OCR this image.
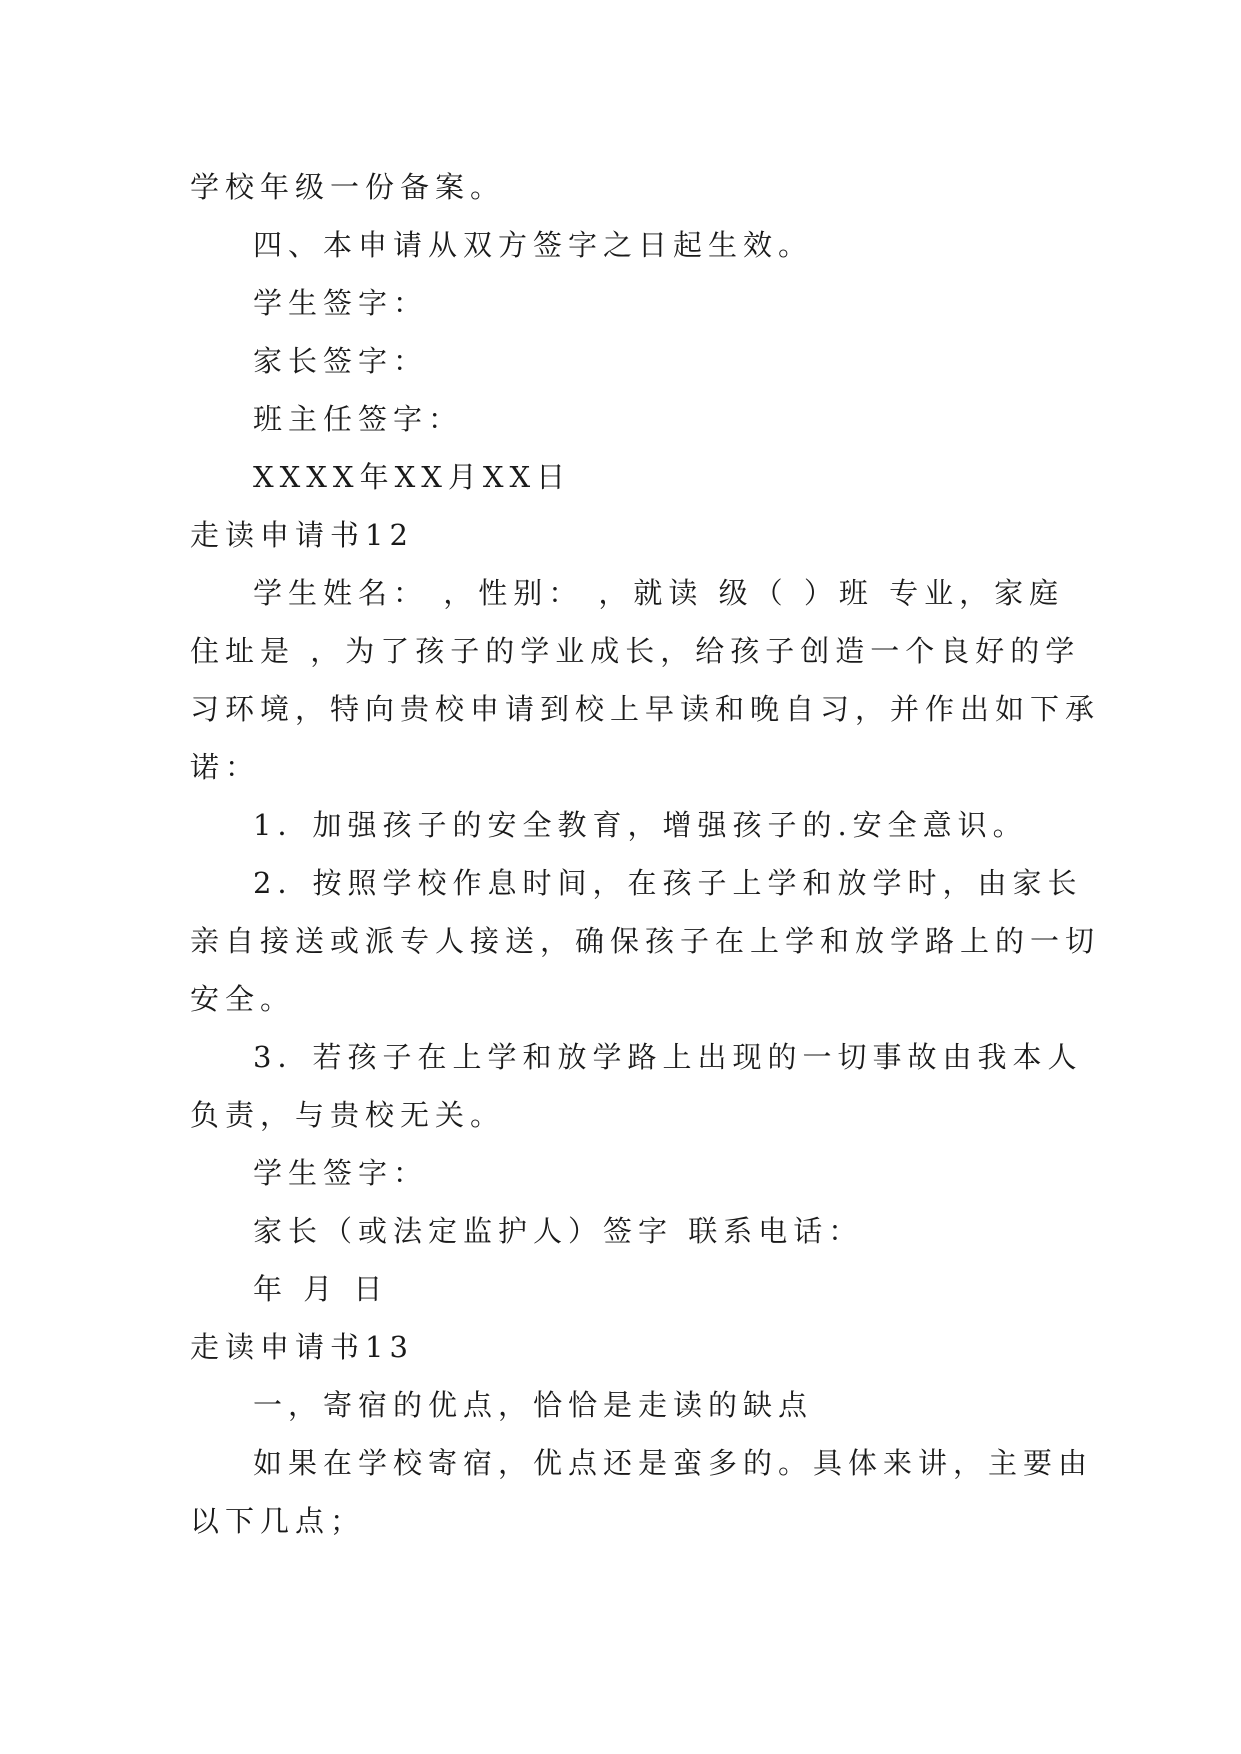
学校年级一份备案。
四、本申请从双方签字之日起生效。
学生签字：
家长签字：
班主任签字：
XXXX年XX月XX日
走读申请书12
学生姓名： ，性别： ，就读 级（ ）班 专业，家庭
住址是 ，为了孩子的学业成长，给孩子创造一个良好的学
习环境，特向贵校申请到校上早读和晚自习，并作出如下承
诺：
1．加强孩子的安全教育，增强孩子的.安全意识。
2．按照学校作息时间，在孩子上学和放学时，由家长
亲自接送或派专人接送，确保孩子在上学和放学路上的一切
安全。
3．若孩子在上学和放学路上出现的一切事故由我本人
负责，与贵校无关。
学生签字：
家长（或法定监护人）签字 联系电话：
年 月 日
走读申请书13
一，寄宿的优点，恰恰是走读的缺点
如果在学校寄宿，优点还是蛮多的。具体来讲，主要由
以下几点；
